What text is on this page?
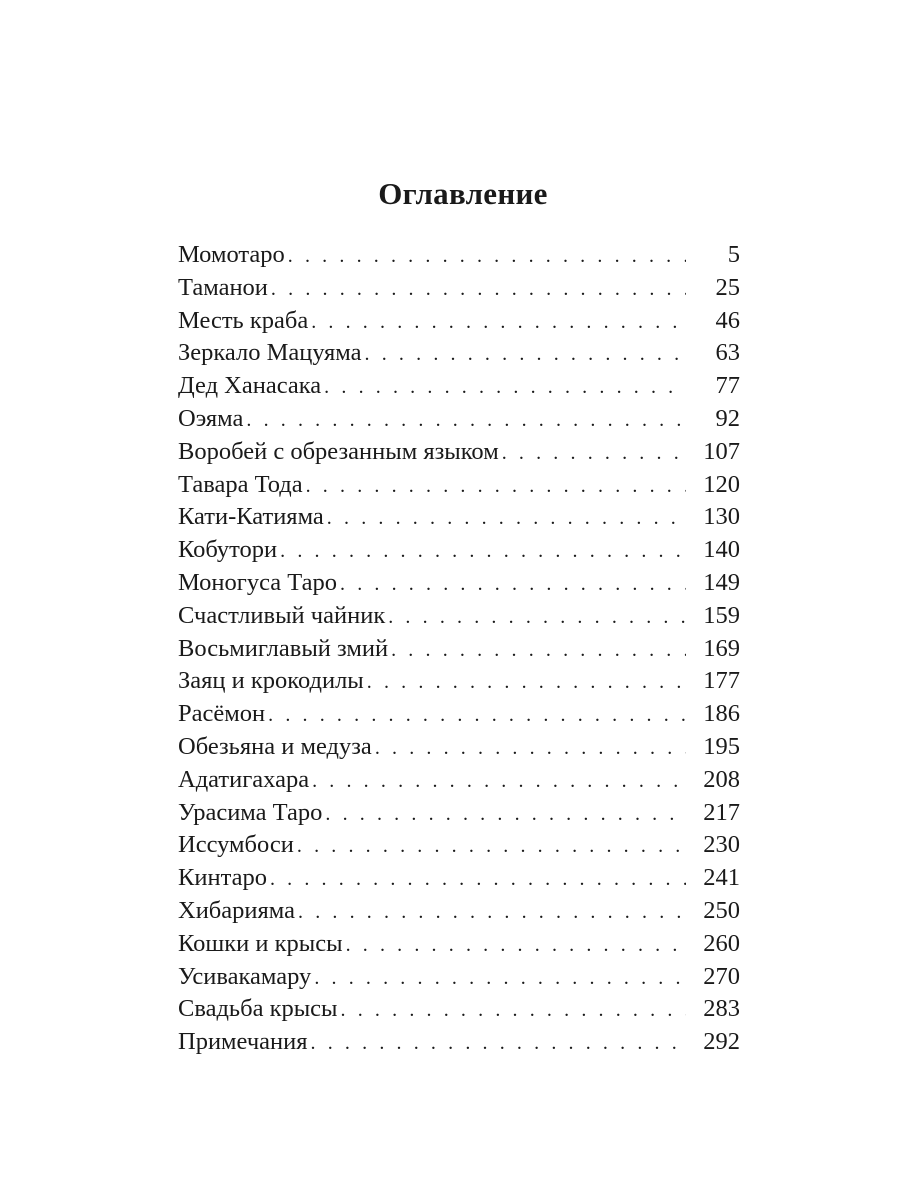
Оглавление
Момотаро . . .	5
Таманои . . .	25
Месть краба . . .	46
Зеркало Мацуяма . . .	63
Дед Ханасака . . .	77
Оэяма . . .	92
Воробей с обрезанным языком . . .	107
Тавара Тода . . .	120
Кати-Катияма . . .	130
Кобутори . . .	140
Моногуса Таро . . .	149
Счастливый чайник . . .	159
Восьмиглавый змий . . .	169
Заяц и крокодилы . . .	177
Расёмон . . .	186
Обезьяна и медуза . . .	195
Адатигахара . . .	208
Урасима Таро . . .	217
Иссумбоси . . .	230
Кинтаро . . .	241
Хибарияма . . .	250
Кошки и крысы . . .	260
Усивакамару . . .	270
Свадьба крысы . . .	283
Примечания . . .	292
